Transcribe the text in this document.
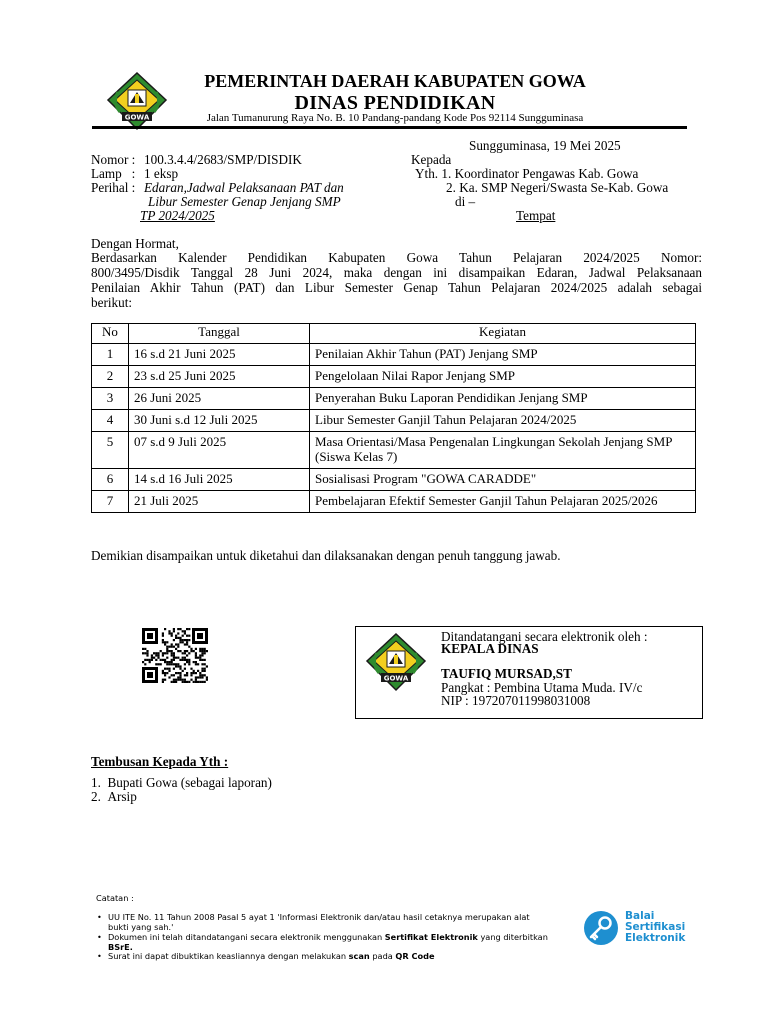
GOWA
PEMERINTAH DAERAH KABUPATEN GOWA
DINAS PENDIDIKAN
Jalan Tumanurung Raya No. B. 10 Pandang-pandang Kode Pos 92114 Sungguminasa
Sungguminasa, 19 Mei 2025
Nomor : 100.3.4.4/2683/SMP/DISDIK
Lamp   : 1 eksp
Perihal : Edaran,Jadwal Pelaksanaan PAT dan
Libur Semester Genap Jenjang SMP
TP 2024/2025
Kepada
Yth. 1. Koordinator Pengawas Kab. Gowa
2. Ka. SMP Negeri/Swasta Se-Kab. Gowa
di –
Tempat
Dengan Hormat,
Berdasarkan Kalender Pendidikan Kabupaten Gowa Tahun Pelajaran 2024/2025 Nomor:
800/3495/Disdik Tanggal 28 Juni 2024, maka dengan ini disampaikan Edaran, Jadwal Pelaksanaan
Penilaian Akhir Tahun (PAT) dan Libur Semester Genap Tahun Pelajaran 2024/2025 adalah sebagai
berikut:
No	Tanggal	Kegiatan
1	16 s.d 21 Juni 2025	Penilaian Akhir Tahun (PAT) Jenjang SMP
2	23 s.d 25 Juni 2025	Pengelolaan Nilai Rapor Jenjang SMP
3	26 Juni 2025	Penyerahan Buku Laporan Pendidikan Jenjang SMP
4	30 Juni s.d 12 Juli 2025	Libur Semester Ganjil Tahun Pelajaran 2024/2025
5	07 s.d 9 Juli 2025	Masa Orientasi/Masa Pengenalan Lingkungan Sekolah Jenjang SMP (Siswa Kelas 7)
6	14 s.d 16 Juli 2025	Sosialisasi Program "GOWA CARADDE"
7	21 Juli 2025	Pembelajaran Efektif Semester Ganjil Tahun Pelajaran 2025/2026
Demikian disampaikan untuk diketahui dan dilaksanakan dengan penuh tanggung jawab.
GOWA
Ditandatangani secara elektronik oleh :
KEPALA DINAS
TAUFIQ MURSAD,ST
Pangkat : Pembina Utama Muda. IV/c
NIP : 197207011998031008
Tembusan Kepada Yth :
1.  Bupati Gowa (sebagai laporan)
2.  Arsip
Catatan :
• UU ITE No. 11 Tahun 2008 Pasal 5 ayat 1 'Informasi Elektronik dan/atau hasil cetaknya merupakan alat bukti yang sah.'
• Dokumen ini telah ditandatangani secara elektronik menggunakan Sertifikat Elektronik yang diterbitkan BSrE.
• Surat ini dapat dibuktikan keasliannya dengan melakukan scan pada QR Code
Balai
Sertifikasi
Elektronik
